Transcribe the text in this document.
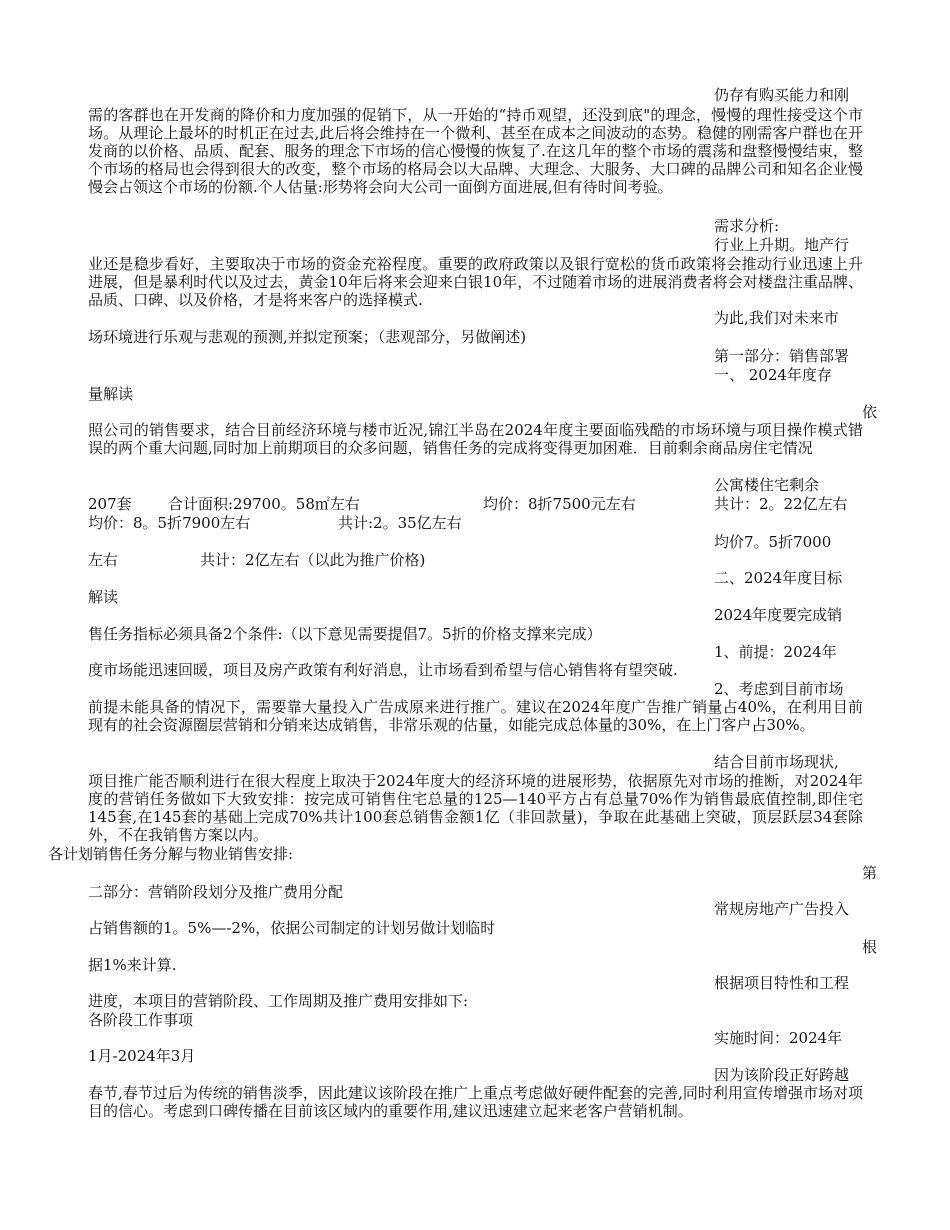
仍存有购买能力和刚
需的客群也在开发商的降价和力度加强的促销下，从一开始的“持币观望，还没到底"的理念，慢慢的理性接受这个市场。从理论上最坏的时机正在过去,此后将会维持在一个微利、甚至在成本之间波动的态势。稳健的刚需客户群也在开发商的以价格、品质、配套、服务的理念下市场的信心慢慢的恢复了.在这几年的整个市场的震荡和盘整慢慢结束，整个市场的格局也会得到很大的改变，整个市场的格局会以大品牌、大理念、大服务、大口碑的品牌公司和知名企业慢慢会占领这个市场的份额.个人估量:形势将会向大公司一面倒方面进展,但有待时间考验。
需求分析:
行业上升期。地产行
业还是稳步看好，主要取决于市场的资金充裕程度。重要的政府政策以及银行宽松的货币政策将会推动行业迅速上升进展，但是暴利时代以及过去，黄金10年后将来会迎来白银10年，不过随着市场的进展消费者将会对楼盘注重品牌、品质、口碑、以及价格，才是将来客户的选择模式.
为此,我们对未来市
场环境进行乐观与悲观的预测,并拟定预案；（悲观部分，另做阐述)
第一部分：销售部署
一、 2024年度存
量解读
依
照公司的销售要求，结合目前经济环境与楼市近况,锦江半岛在2024年度主要面临残酷的市场环境与项目操作模式错误的两个重大问题,同时加上前期项目的众多问题，销售任务的完成将变得更加困难．目前剩余商品房住宅情况
公寓楼住宅剩余
207套 合计面积:29700。58㎡左右	均价：8折7500元左右	共计：2。22亿左右
均价：8。5折7900左右	共计:2。35亿左右
均价7。5折7000
左右	共计：2亿左右（以此为推广价格)
二、2024年度目标
解读
2024年度要完成销
售任务指标必须具备2个条件:（以下意见需要提倡7。5折的价格支撑来完成）
1、前提：2024年
度市场能迅速回暖，项目及房产政策有利好消息，让市场看到希望与信心销售将有望突破.
2、考虑到目前市场
前提未能具备的情况下，需要靠大量投入广告成原来进行推广。建议在2024年度广告推广销量占40%，在利用目前现有的社会资源圈层营销和分销来达成销售，非常乐观的估量，如能完成总体量的30%，在上门客户占30%。
结合目前市场现状,
项目推广能否顺利进行在很大程度上取决于2024年度大的经济环境的进展形势，依据原先对市场的推断，对2024年度的营销任务做如下大致安排：按完成可销售住宅总量的125—140平方占有总量70%作为销售最底值控制,即住宅145套,在145套的基础上完成70%共计100套总销售金额1亿（非回款量)，争取在此基础上突破，顶层跃层34套除外，不在我销售方案以内。
各计划销售任务分解与物业销售安排:
第
二部分：营销阶段划分及推广费用分配
常规房地产广告投入
占销售额的1。5%—-2%，依据公司制定的计划另做计划临时
根
据1%来计算.
根据项目特性和工程
进度，本项目的营销阶段、工作周期及推广费用安排如下:
各阶段工作事项
实施时间：2024年
1月-2024年3月
因为该阶段正好跨越
春节,春节过后为传统的销售淡季，因此建议该阶段在推广上重点考虑做好硬件配套的完善,同时利用宣传增强市场对项目的信心。考虑到口碑传播在目前该区域内的重要作用,建议迅速建立起来老客户营销机制。
